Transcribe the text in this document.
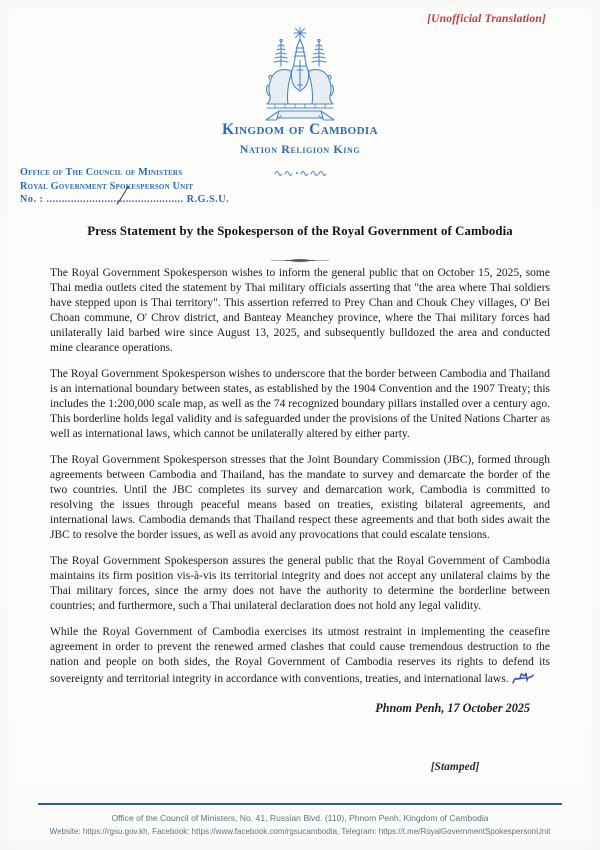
[Unofficial Translation]
Kingdom of Cambodia
Nation Religion King
Office of The Council of Ministers
Royal Government Spokesperson Unit
No. : ............................................. R.G.S.U.
Press Statement by the Spokesperson of the Royal Government of Cambodia

The Royal Government Spokesperson wishes to inform the general public that on October 15, 2025, some Thai media outlets cited the statement by Thai military officials asserting that "the area where Thai soldiers have stepped upon is Thai territory". This assertion referred to Prey Chan and Chouk Chey villages, O' Bei Choan commune, O' Chrov district, and Banteay Meanchey province, where the Thai military forces had unilaterally laid barbed wire since August 13, 2025, and subsequently bulldozed the area and conducted mine clearance operations.

The Royal Government Spokesperson wishes to underscore that the border between Cambodia and Thailand is an international boundary between states, as established by the 1904 Convention and the 1907 Treaty; this includes the 1:200,000 scale map, as well as the 74 recognized boundary pillars installed over a century ago. This borderline holds legal validity and is safeguarded under the provisions of the United Nations Charter as well as international laws, which cannot be unilaterally altered by either party.

The Royal Government Spokesperson stresses that the Joint Boundary Commission (JBC), formed through agreements between Cambodia and Thailand, has the mandate to survey and demarcate the border of the two countries. Until the JBC completes its survey and demarcation work, Cambodia is committed to resolving the issues through peaceful means based on treaties, existing bilateral agreements, and international laws. Cambodia demands that Thailand respect these agreements and that both sides await the JBC to resolve the border issues, as well as avoid any provocations that could escalate tensions.

The Royal Government Spokesperson assures the general public that the Royal Government of Cambodia maintains its firm position vis-à-vis its territorial integrity and does not accept any unilateral claims by the Thai military forces, since the army does not have the authority to determine the borderline between countries; and furthermore, such a Thai unilateral declaration does not hold any legal validity.

While the Royal Government of Cambodia exercises its utmost restraint in implementing the ceasefire agreement in order to prevent the renewed armed clashes that could cause tremendous destruction to the nation and people on both sides, the Royal Government of Cambodia reserves its rights to defend its sovereignty and territorial integrity in accordance with conventions, treaties, and international laws.

Phnom Penh, 17 October 2025
[Stamped]
Office of the Council of Ministers, No. 41, Russian Blvd. (110), Phnom Penh, Kingdom of Cambodia
Website: https://rgsu.gov.kh, Facebook: https://www.facebook.com/rgsucambodia, Telegram: https://t.me/RoyalGovernmentSpokespersonUnit
